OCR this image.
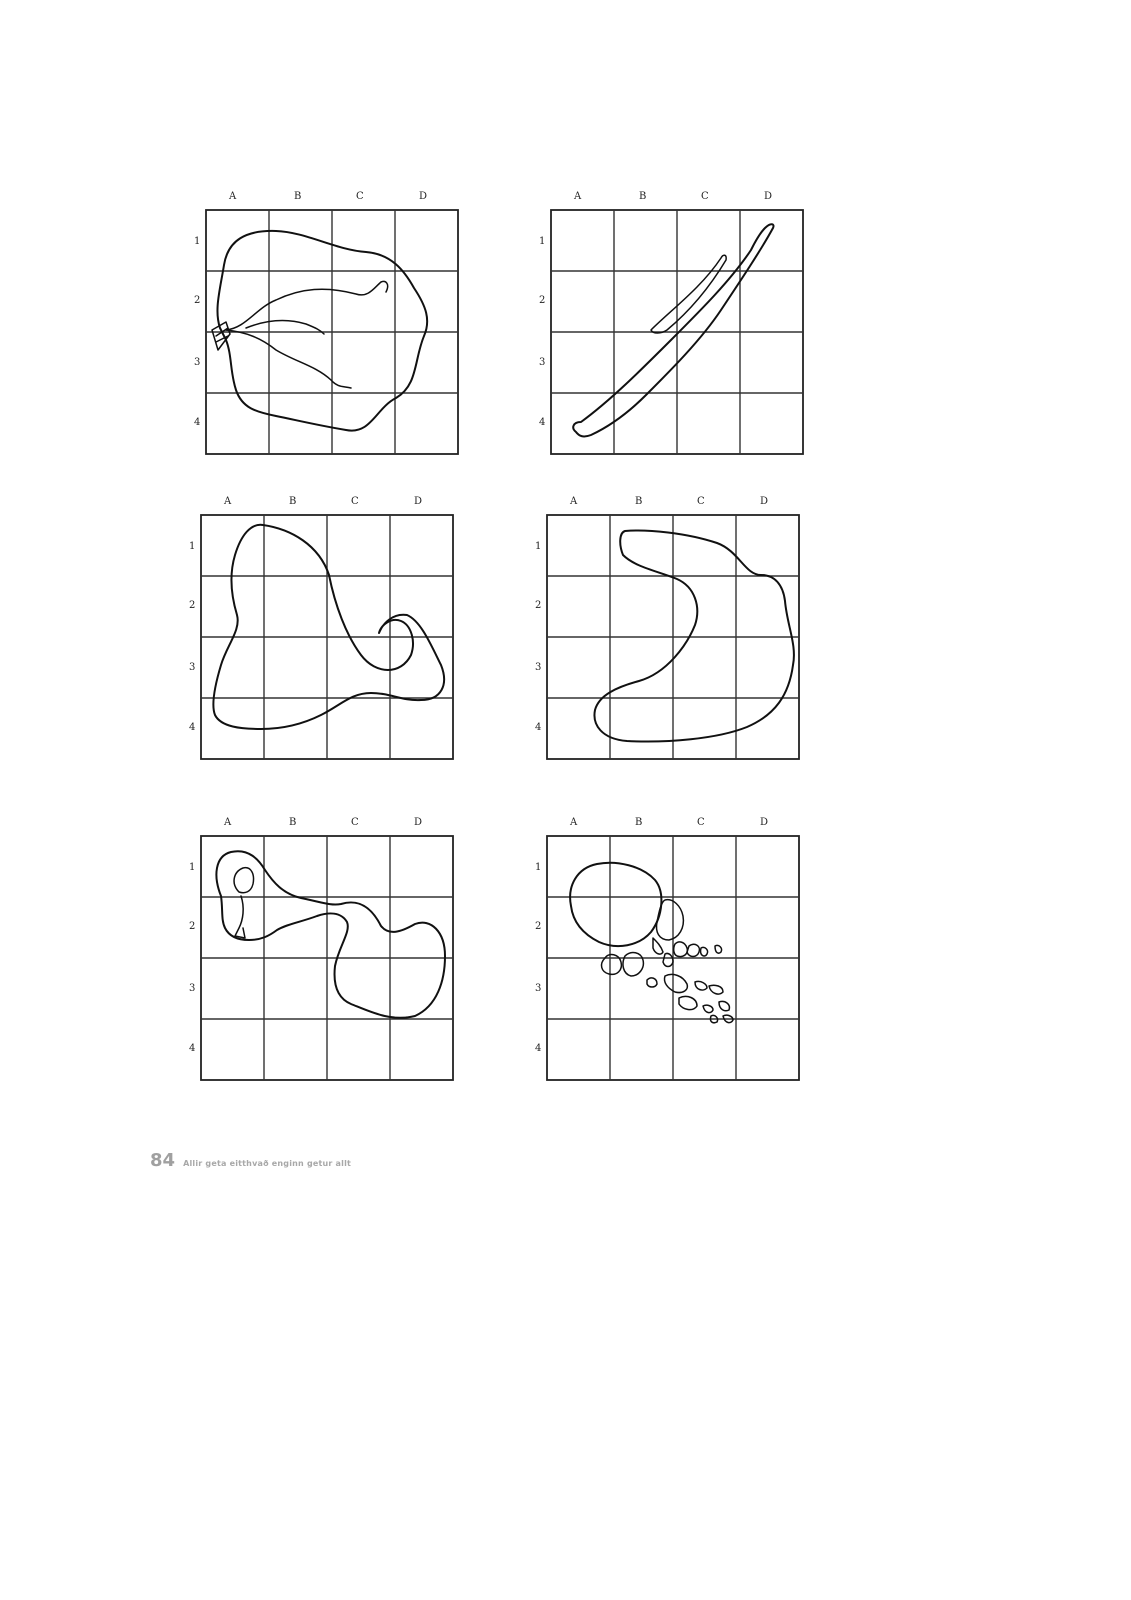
A	B	C	D
1
2
3
4
A	B	C	D
1
2
3
4
A	B	C	D
1
2
3
4
A	B	C	D
1
2
3
4
A	B	C	D
1
2
3
4
A	B	C	D
1
2
3
4
84 Allir geta eitthvað enginn getur allt
